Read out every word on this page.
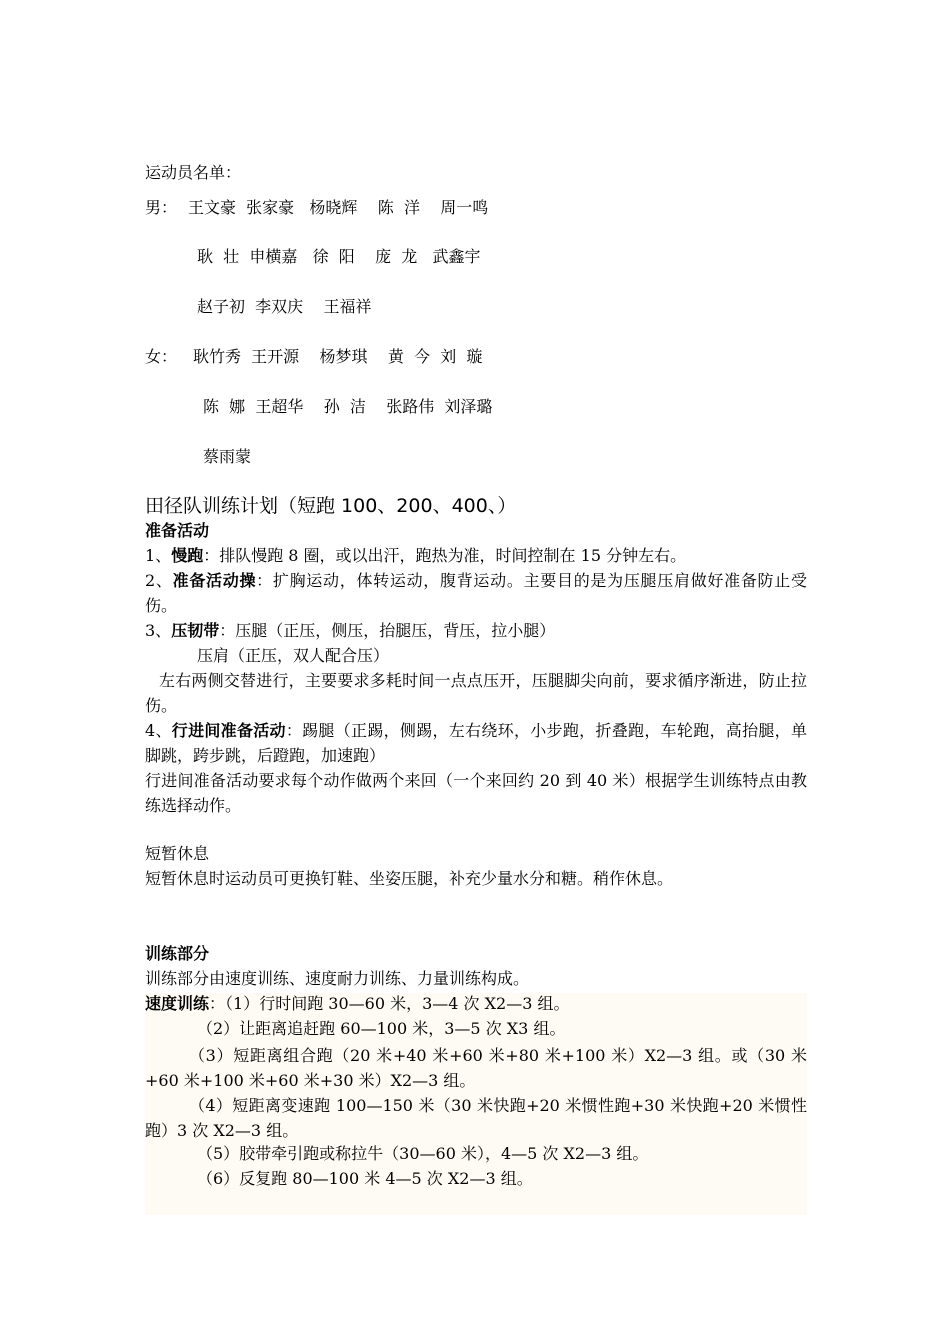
运动员名单：
男： 王文豪  张家豪   杨晓辉    陈  洋    周一鸣
耿  壮  申横嘉   徐  阳    庞  龙   武鑫宇
赵子初  李双庆    王福祥
女： 耿竹秀  王开源    杨梦琪    黄  今  刘  璇
陈  娜  王超华    孙  洁    张路伟  刘泽璐
蔡雨蒙
田径队训练计划（短跑 100、200、400、）
准备活动
1、慢跑：排队慢跑 8 圈，或以出汗，跑热为准，时间控制在 15 分钟左右。
2、准备活动操：扩胸运动，体转运动，腹背运动。主要目的是为压腿压肩做好准备防止受伤。
3、压韧带：压腿（正压，侧压，抬腿压，背压，拉小腿）
压肩（正压，双人配合压）
左右两侧交替进行，主要要求多耗时间一点点压开，压腿脚尖向前，要求循序渐进，防止拉伤。
4、行进间准备活动：踢腿（正踢，侧踢，左右绕环，小步跑，折叠跑，车轮跑，高抬腿，单脚跳，跨步跳，后蹬跑，加速跑）
行进间准备活动要求每个动作做两个来回（一个来回约 20 到 40 米）根据学生训练特点由教练选择动作。
短暂休息
短暂休息时运动员可更换钉鞋、坐姿压腿，补充少量水分和糖。稍作休息。
训练部分
训练部分由速度训练、速度耐力训练、力量训练构成。
速度训练：（1）行时间跑 30—60 米，3—4 次 X2—3 组。
（2）让距离追赶跑 60—100 米，3—5 次 X3 组。
（3）短距离组合跑（20 米+40 米+60 米+80 米+100 米）X2—3 组。或（30 米+60 米+100 米+60 米+30 米）X2—3 组。
（4）短距离变速跑 100—150 米（30 米快跑+20 米惯性跑+30 米快跑+20 米惯性跑）3 次 X2—3 组。
（5）胶带牵引跑或称拉牛（30—60 米），4—5 次 X2—3 组。
（6）反复跑 80—100 米 4—5 次 X2—3 组。
